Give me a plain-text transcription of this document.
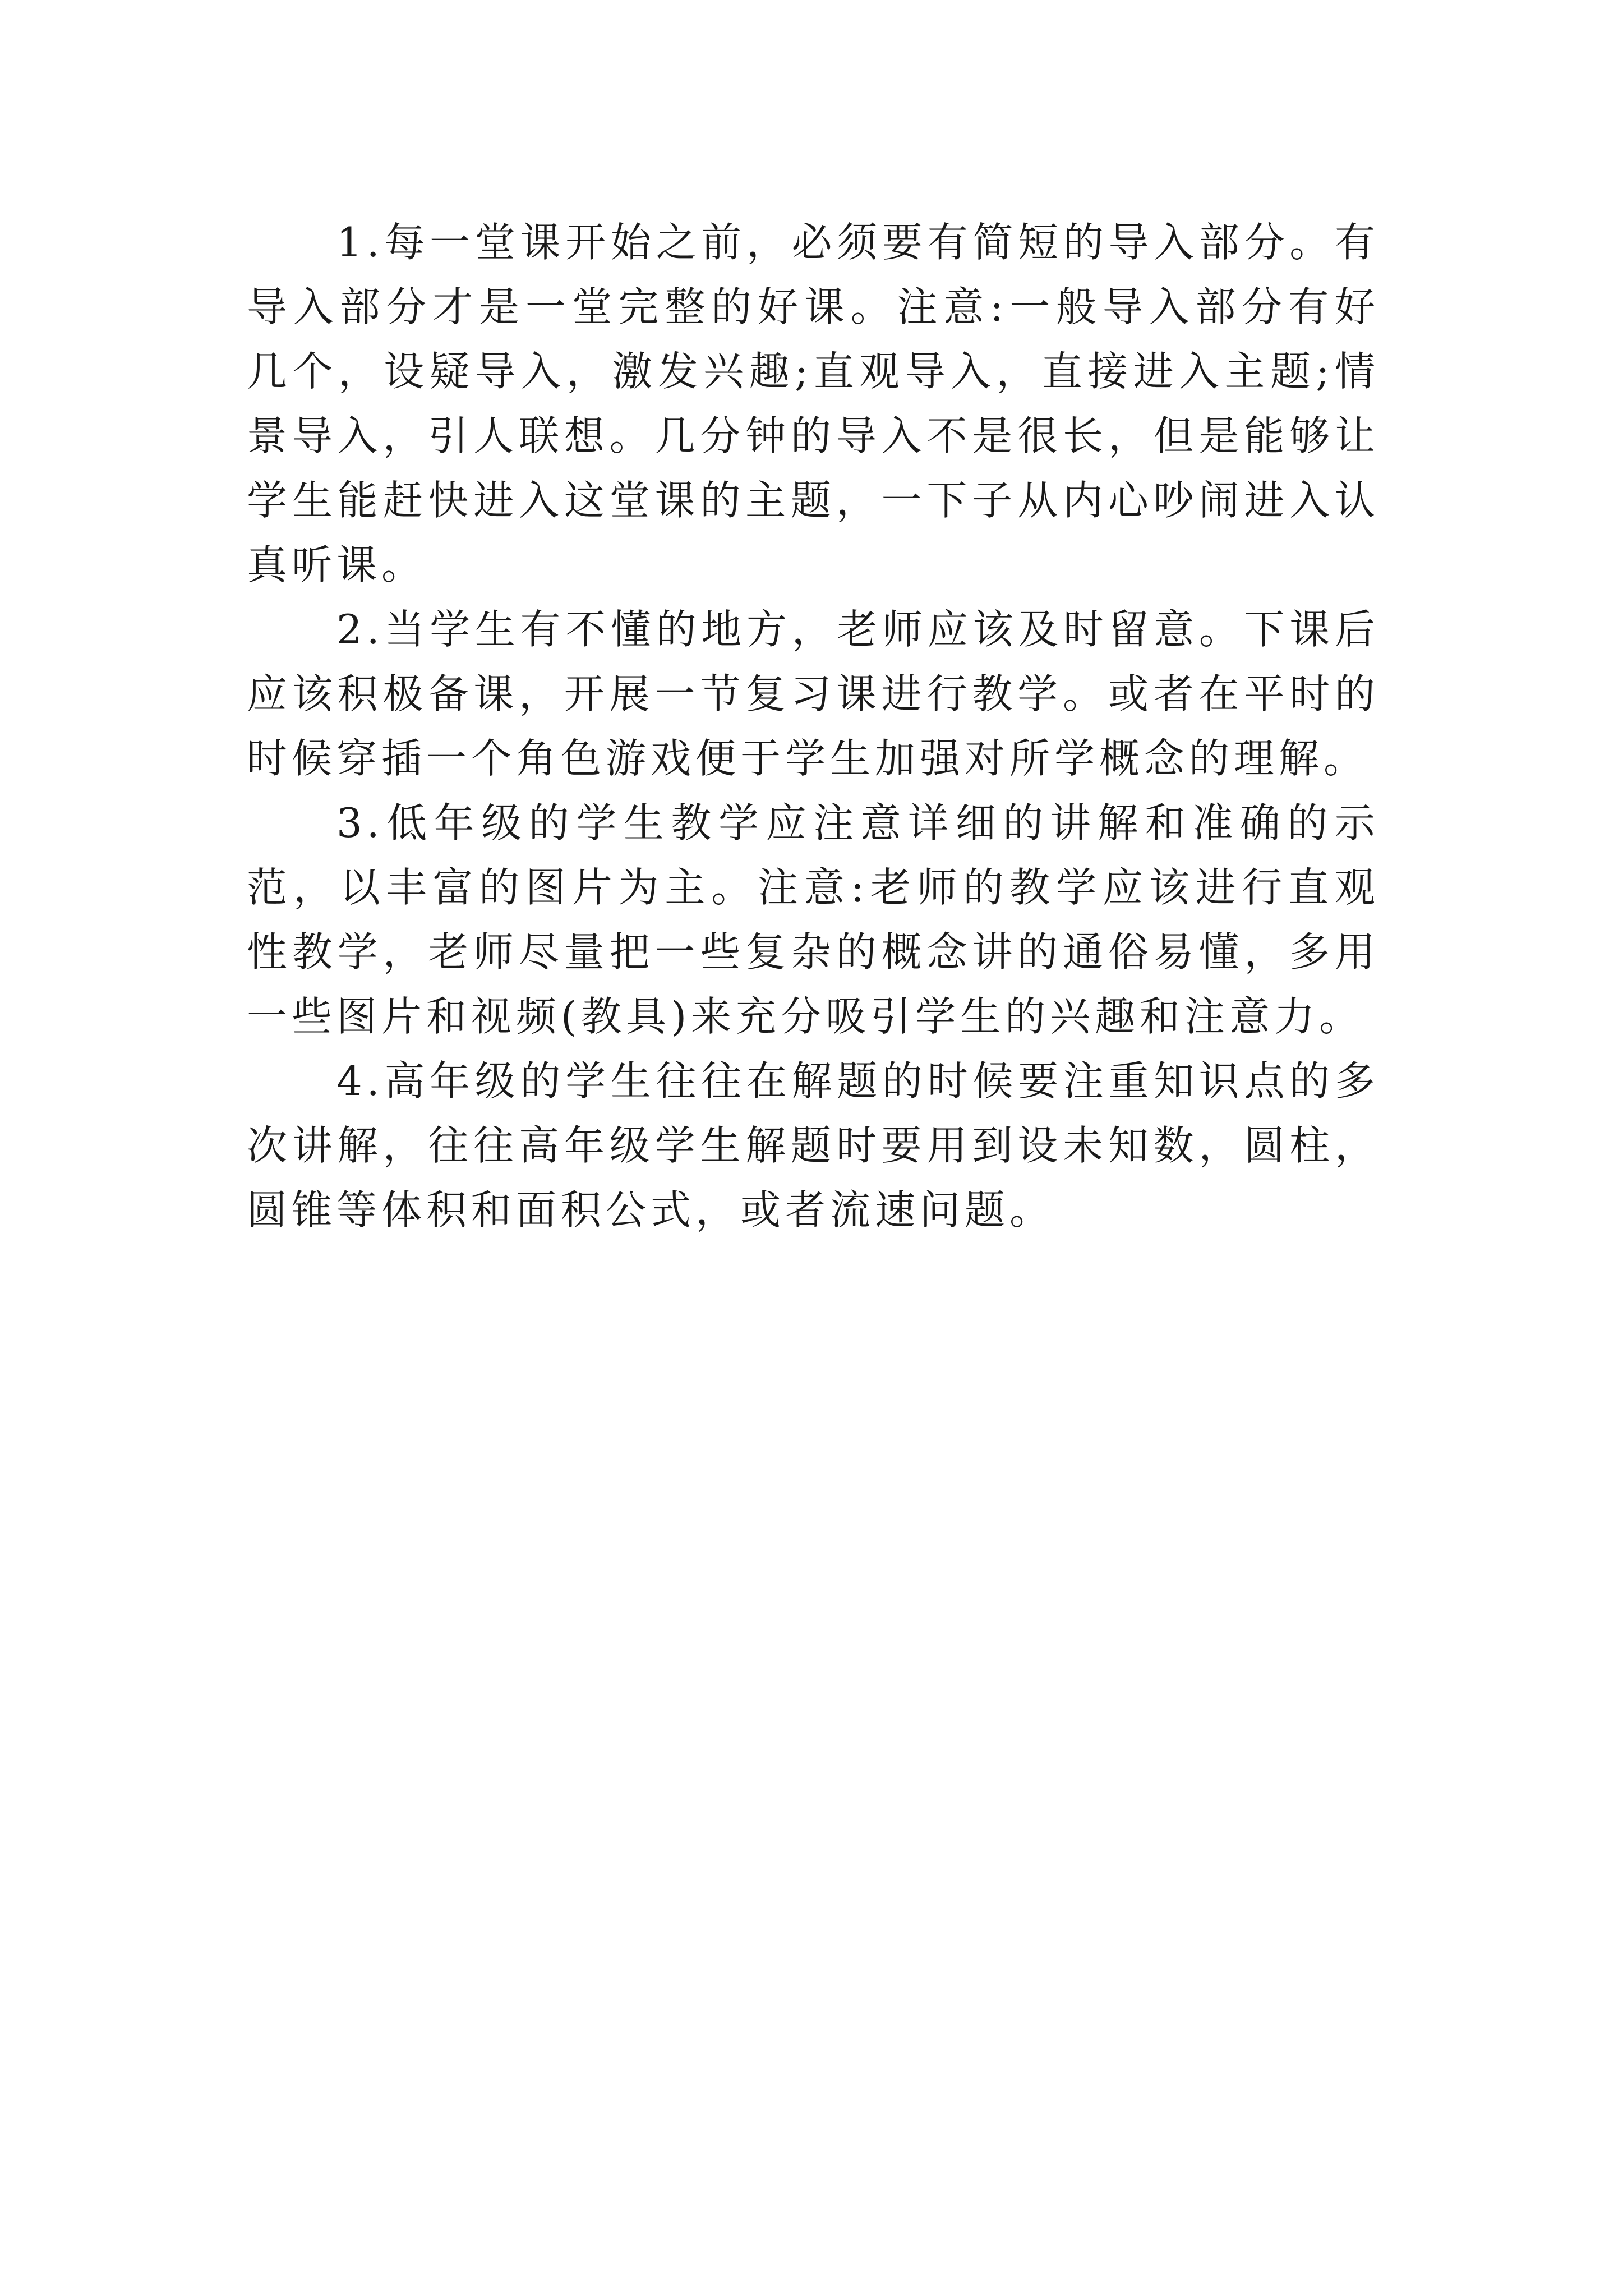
1.每一堂课开始之前，必须要有简短的导入部分。有导入部分才是一堂完整的好课。注意:一般导入部分有好几个，设疑导入，激发兴趣;直观导入，直接进入主题;情景导入，引人联想。几分钟的导入不是很长，但是能够让学生能赶快进入这堂课的主题，一下子从内心吵闹进入认真听课。

2.当学生有不懂的地方，老师应该及时留意。下课后应该积极备课，开展一节复习课进行教学。或者在平时的时候穿插一个角色游戏便于学生加强对所学概念的理解。

3.低年级的学生教学应注意详细的讲解和准确的示范，以丰富的图片为主。注意:老师的教学应该进行直观性教学，老师尽量把一些复杂的概念讲的通俗易懂，多用一些图片和视频(教具)来充分吸引学生的兴趣和注意力。

4.高年级的学生往往在解题的时候要注重知识点的多次讲解，往往高年级学生解题时要用到设未知数，圆柱，圆锥等体积和面积公式，或者流速问题。
